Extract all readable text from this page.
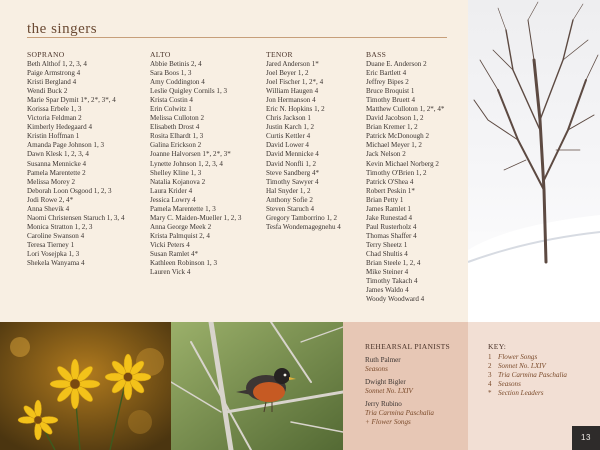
the singers
SOPRANO
Beth Althof 1, 2, 3, 4
Paige Armstrong 4
Kristi Bergland 4
Wendi Buck 2
Marie Spar Dymit 1*, 2*, 3*, 4
Korissa Erbele 1, 3
Victoria Feldman 2
Kimberly Hedegaard 4
Kristin Hoffman 1
Amanda Page Johnson 1, 3
Dawn Klesk 1, 2, 3, 4
Susanna Mennicke 4
Pamela Marentette 2
Melissa Morey 2
Deborah Loon Osgood 1, 2, 3
Jodi Rowe 2, 4*
Anna Shevik 4
Naomi Christensen Staruch 1, 3, 4
Monica Stratton 1, 2, 3
Caroline Swanson 4
Teresa Tierney 1
Lori Vosejpka 1, 3
Shekela Wanyama 4
ALTO
Abbie Betinis 2, 4
Sara Boos 1, 3
Amy Coddington 4
Leslie Quigley Cornils 1, 3
Krista Costin 4
Erin Colwitz 1
Melissa Culloton 2
Elisabeth Drost 4
Rosita Elhardt 1, 3
Galina Erickson 2
Joanne Halvorsen 1*, 2*, 3*
Lynette Johnson 1, 2, 3, 4
Shelley Kline 1, 3
Natalia Kojanova 2
Laura Krider 4
Jessica Lowry 4
Pamela Marentette 1, 3
Mary C. Maiden-Mueller 1, 2, 3
Anna George Meek 2
Krista Palmquist 2, 4
Vicki Peters 4
Susan Ramlet 4*
Kathleen Robinson 1, 3
Lauren Vick 4
TENOR
Jared Anderson 1*
Joel Beyer 1, 2
Joel Fischer 1, 2*, 4
William Haugen 4
Jon Hermanson 4
Eric N. Hopkins 1, 2
Chris Jackson 1
Justin Karch 1, 2
Curtis Kettler 4
David Lower 4
David Mennicke 4
David Nonfli 1, 2
Steve Sandberg 4*
Timothy Sawyer 4
Hal Snyder 1, 2
Anthony Sofie 2
Steven Staruch 4
Gregory Tamborrino 1, 2
Tesfa Wondemagegnehu 4
BASS
Duane E. Anderson 2
Eric Bartlett 4
Jeffrey Bipes 2
Bruce Broquist 1
Timothy Bruett 4
Matthew Culloton 1, 2*, 4*
David Jacobson 1, 2
Brian Kremer 1, 2
Patrick McDonough 2
Michael Meyer 1, 2
Jack Nelson 2
Kevin Michael Norberg 2
Timothy O'Brien 1, 2
Patrick O'Shea 4
Robert Peskin 1*
Brian Petty 1
James Ramlet 1
Jake Runestad 4
Paul Rusterholz 4
Thomas Shaffer 4
Terry Sheetz 1
Chad Shultis 4
Brian Steele 1, 2, 4
Mike Steiner 4
Timothy Takach 4
James Waldo 4
Woody Woodward 4
REHEARSAL PIANISTS
Ruth Palmer
Seasons
Dwight Bigler
Sonnet No. LXIV
Jerry Rubino
Tria Carmina Paschalia
+ Flower Songs
KEY:
1 Flower Songs
2 Sonnet No. LXIV
3 Tria Carmina Paschalia
4 Seasons
* Section Leaders
13
